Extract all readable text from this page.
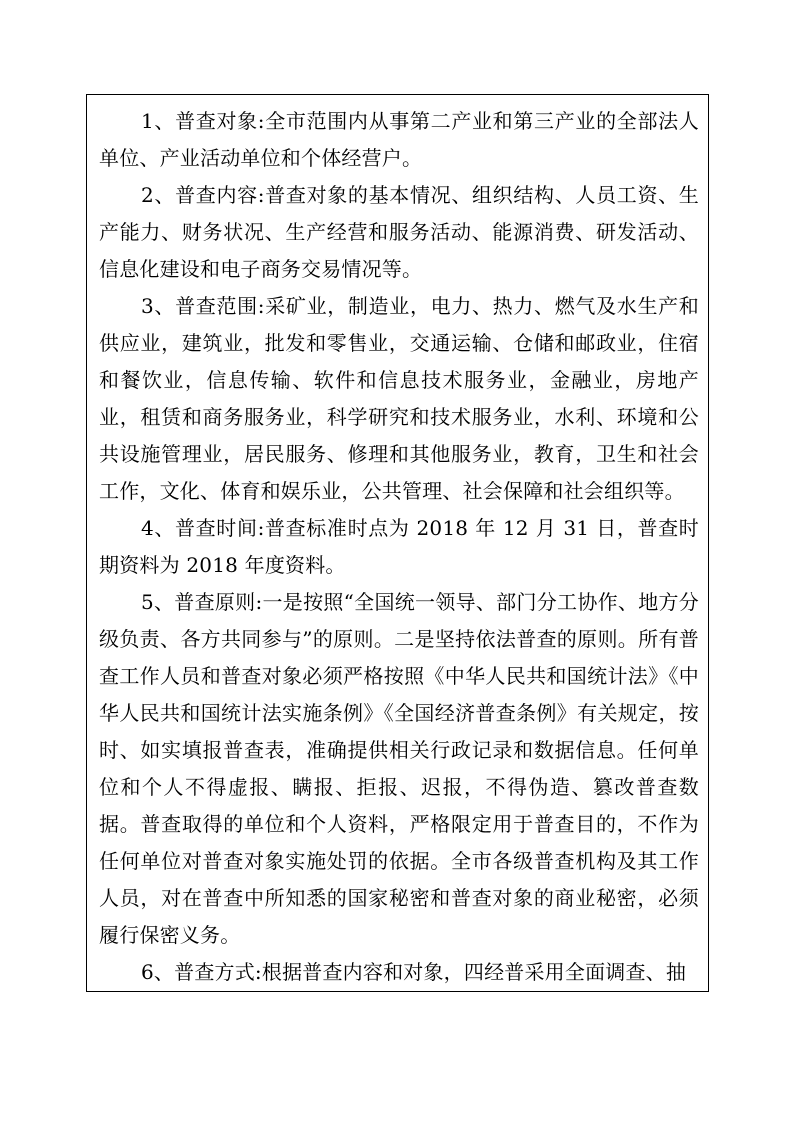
1、普查对象:全市范围内从事第二产业和第三产业的全部法人单位、产业活动单位和个体经营户。

2、普查内容:普查对象的基本情况、组织结构、人员工资、生产能力、财务状况、生产经营和服务活动、能源消费、研发活动、信息化建设和电子商务交易情况等。

3、普查范围:采矿业，制造业，电力、热力、燃气及水生产和供应业，建筑业，批发和零售业，交通运输、仓储和邮政业，住宿和餐饮业，信息传输、软件和信息技术服务业，金融业，房地产业，租赁和商务服务业，科学研究和技术服务业，水利、环境和公共设施管理业，居民服务、修理和其他服务业，教育，卫生和社会工作，文化、体育和娱乐业，公共管理、社会保障和社会组织等。

4、普查时间:普查标准时点为 2018 年 12 月 31 日，普查时期资料为 2018 年度资料。

5、普查原则:一是按照“全国统一领导、部门分工协作、地方分级负责、各方共同参与”的原则。二是坚持依法普查的原则。所有普查工作人员和普查对象必须严格按照《中华人民共和国统计法》《中华人民共和国统计法实施条例》《全国经济普查条例》有关规定，按时、如实填报普查表，准确提供相关行政记录和数据信息。任何单位和个人不得虚报、瞒报、拒报、迟报，不得伪造、篡改普查数据。普查取得的单位和个人资料，严格限定用于普查目的，不作为任何单位对普查对象实施处罚的依据。全市各级普查机构及其工作人员，对在普查中所知悉的国家秘密和普查对象的商业秘密，必须履行保密义务。

6、普查方式:根据普查内容和对象，四经普采用全面调查、抽
